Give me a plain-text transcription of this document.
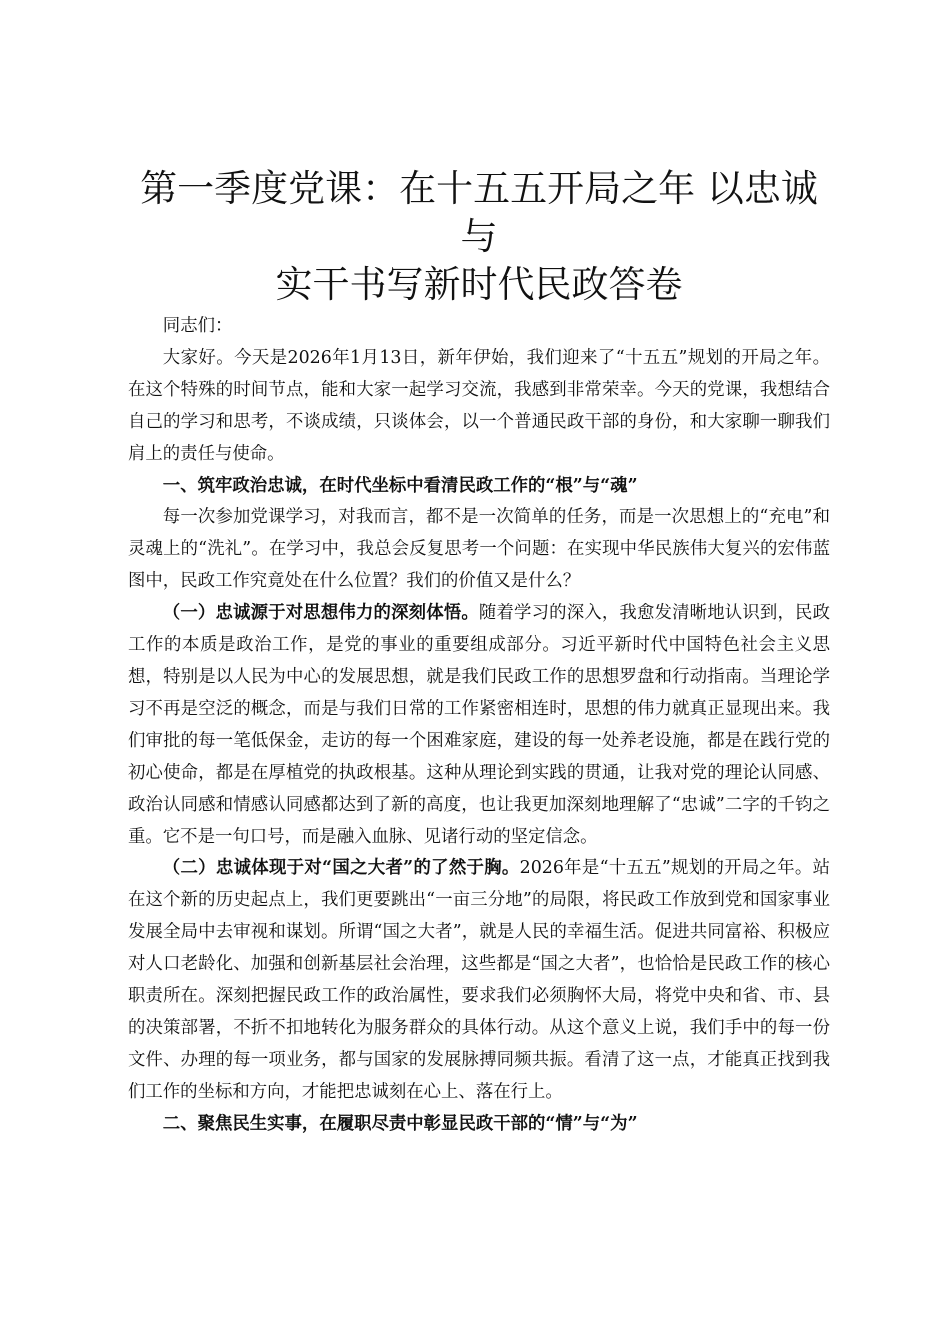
第一季度党课：在十五五开局之年 以忠诚与
实干书写新时代民政答卷

同志们：

大家好。今天是2026年1月13日，新年伊始，我们迎来了“十五五”规划的开局之年。在这个特殊的时间节点，能和大家一起学习交流，我感到非常荣幸。今天的党课，我想结合自己的学习和思考，不谈成绩，只谈体会，以一个普通民政干部的身份，和大家聊一聊我们肩上的责任与使命。

一、筑牢政治忠诚，在时代坐标中看清民政工作的“根”与“魂”

每一次参加党课学习，对我而言，都不是一次简单的任务，而是一次思想上的“充电”和灵魂上的“洗礼”。在学习中，我总会反复思考一个问题：在实现中华民族伟大复兴的宏伟蓝图中，民政工作究竟处在什么位置？我们的价值又是什么？

（一）忠诚源于对思想伟力的深刻体悟。随着学习的深入，我愈发清晰地认识到，民政工作的本质是政治工作，是党的事业的重要组成部分。习近平新时代中国特色社会主义思想，特别是以人民为中心的发展思想，就是我们民政工作的思想罗盘和行动指南。当理论学习不再是空泛的概念，而是与我们日常的工作紧密相连时，思想的伟力就真正显现出来。我们审批的每一笔低保金，走访的每一个困难家庭，建设的每一处养老设施，都是在践行党的初心使命，都是在厚植党的执政根基。这种从理论到实践的贯通，让我对党的理论认同感、政治认同感和情感认同感都达到了新的高度，也让我更加深刻地理解了“忠诚”二字的千钧之重。它不是一句口号，而是融入血脉、见诸行动的坚定信念。

（二）忠诚体现于对“国之大者”的了然于胸。2026年是“十五五”规划的开局之年。站在这个新的历史起点上，我们更要跳出“一亩三分地”的局限，将民政工作放到党和国家事业发展全局中去审视和谋划。所谓“国之大者”，就是人民的幸福生活。促进共同富裕、积极应对人口老龄化、加强和创新基层社会治理，这些都是“国之大者”，也恰恰是民政工作的核心职责所在。深刻把握民政工作的政治属性，要求我们必须胸怀大局，将党中央和省、市、县的决策部署，不折不扣地转化为服务群众的具体行动。从这个意义上说，我们手中的每一份文件、办理的每一项业务，都与国家的发展脉搏同频共振。看清了这一点，才能真正找到我们工作的坐标和方向，才能把忠诚刻在心上、落在行上。

二、聚焦民生实事，在履职尽责中彰显民政干部的“情”与“为”
